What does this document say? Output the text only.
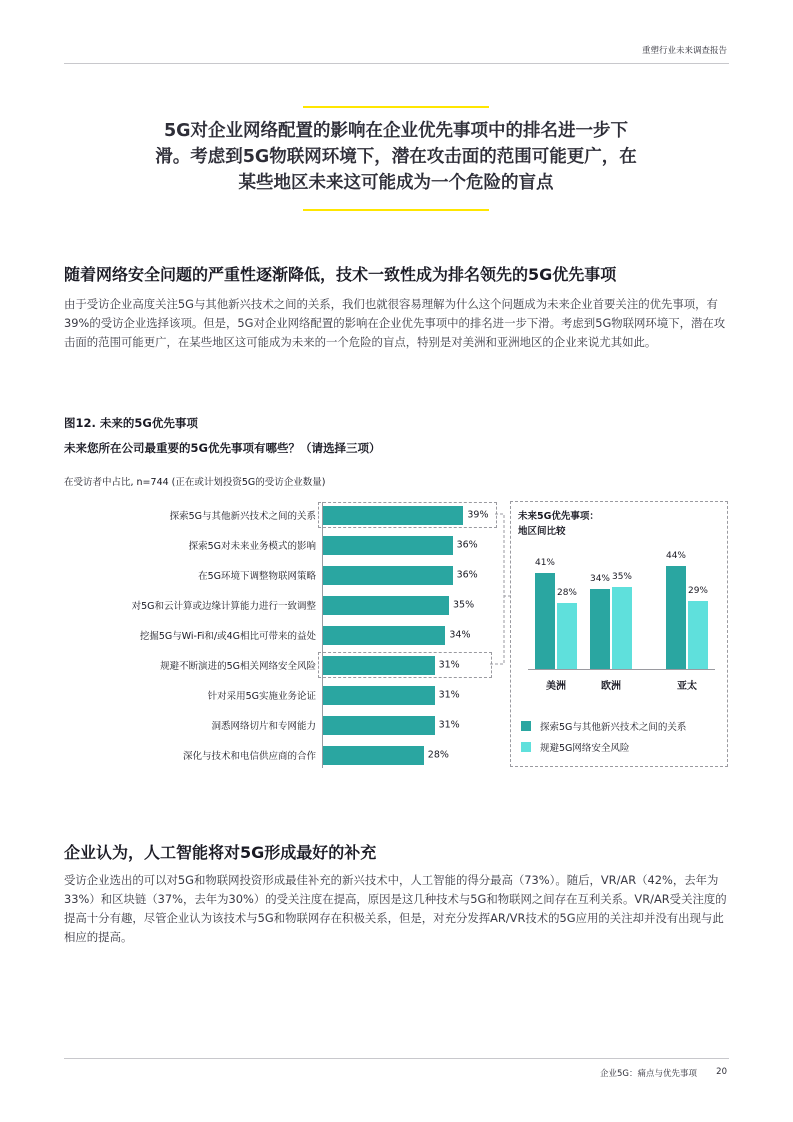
重塑行业未来调查报告
5G对企业网络配置的影响在企业优先事项中的排名进一步下
滑。考虑到5G物联网环境下，潜在攻击面的范围可能更广，在
某些地区未来这可能成为一个危险的盲点
随着网络安全问题的严重性逐渐降低，技术一致性成为排名领先的5G优先事项
由于受访企业高度关注5G与其他新兴技术之间的关系，我们也就很容易理解为什么这个问题成为未来企业首要关注的优先事项，有39%的受访企业选择该项。但是，5G对企业网络配置的影响在企业优先事项中的排名进一步下滑。考虑到5G物联网环境下，潜在攻击面的范围可能更广，在某些地区这可能成为未来的一个危险的盲点，特别是对美洲和亚洲地区的企业来说尤其如此。
图12. 未来的5G优先事项
未来您所在公司最重要的5G优先事项有哪些？（请选择三项）
在受访者中占比, n=744 (正在或计划投资5G的受访企业数量)
探索5G与其他新兴技术之间的关系	39%
探索5G对未来业务模式的影响	36%
在5G环境下调整物联网策略	36%
对5G和云计算或边缘计算能力进行一致调整	35%
挖掘5G与Wi-Fi和/或4G相比可带来的益处	34%
规避不断演进的5G相关网络安全风险	31%
针对采用5G实施业务论证	31%
洞悉网络切片和专网能力	31%
深化与技术和电信供应商的合作	28%
未来5G优先事项：
地区间比较
41%
28%
美洲
34% 35%
欧洲
44%
29%
亚太
探索5G与其他新兴技术之间的关系
规避5G网络安全风险
企业认为，人工智能将对5G形成最好的补充
受访企业选出的可以对5G和物联网投资形成最佳补充的新兴技术中，人工智能的得分最高（73%）。随后，VR/AR（42%，去年为33%）和区块链（37%，去年为30%）的受关注度在提高，原因是这几种技术与5G和物联网之间存在互利关系。VR/AR受关注度的提高十分有趣，尽管企业认为该技术与5G和物联网存在积极关系，但是，对充分发挥AR/VR技术的5G应用的关注却并没有出现与此相应的提高。
企业5G：痛点与优先事项 20
